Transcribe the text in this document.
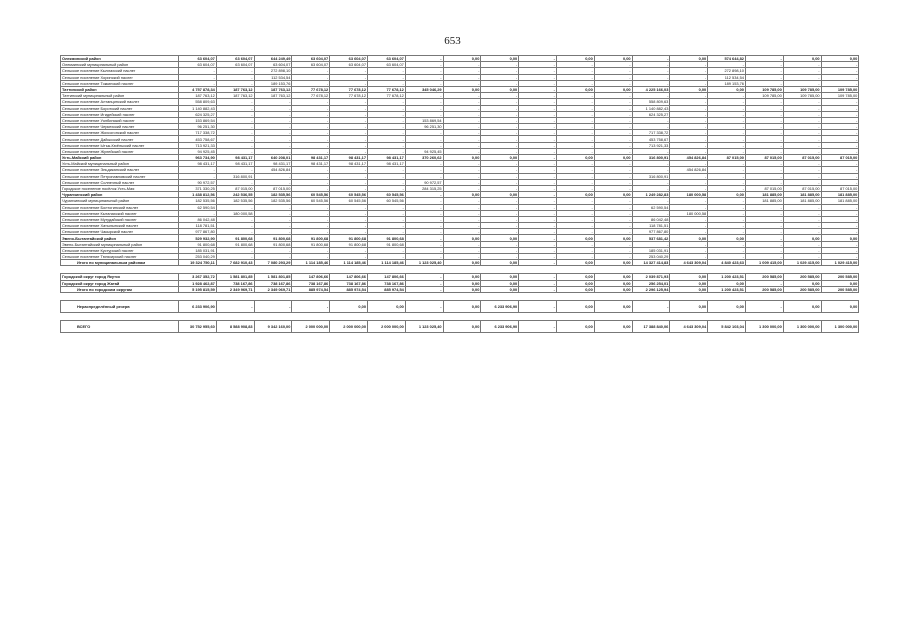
653
Олекминский район	63 604,07	63 604,07	644 249,49	63 604,07	63 604,07	63 604,07	-	0,00	0,00	-	0,00	0,00	-	0,00	574 644,82	-	0,00	0,00
Олекминский муниципальный район	63 604,07	63 604,07	63 604,07	63 604,07	63 604,07	63 604,07	-	-	-	-	-	-	-	-	-	-	-	-
Сельское поселение Кыллахский наслег	-	-	272 898,10	-	-	-	-	-	-	-	-	-	-	-	272 898,10	-	-	-
Сельское поселение Хоринский наслег	-	-	112 534,54	-	-	-	-	-	-	-	-	-	-	-	112 534,54	-	-	-
Сельское поселение Токкинский наслег	-	-	189 153,76	-	-	-	-	-	-	-	-	-	-	-	189 153,76	-	-	-
Таттинский район	4 757 878,34	187 763,12	187 763,12	77 678,12	77 678,12	77 678,12	345 046,29	0,00	0,00	-	0,00	0,00	4 225 166,03	0,00	0,00	109 785,00	109 785,00	109 785,00
Таттинский муниципальный район	187 763,12	187 763,12	187 763,12	77 678,12	77 678,12	77 678,12	-	-	-	-	-	-	-	-	-	109 785,00	109 785,00	109 785,00
Сельское поселение Алтанцинский наслег	558 809,63	-	-	-	-	-	-	-	-	-	-	-	558 809,63	-	-	-	-	-
Сельское поселение Боротский наслег	1 140 882,43	-	-	-	-	-	-	-	-	-	-	-	1 140 882,43	-	-	-	-	-
Сельское поселение Игидейский наслег	624 325,27	-	-	-	-	-	-	-	-	-	-	-	624 325,27	-	-	-	-	-
Сельское поселение Уолбинский наслег	153 869,54	-	-	-	-	-	153 869,54	-	-	-	-	-	-	-	-	-	-	-
Сельское поселение Черкехский наслег	96 251,30	-	-	-	-	-	96 251,30	-	-	-	-	-	-	-	-	-	-	-
Сельское поселение Жохсогонский наслег	717 338,72	-	-	-	-	-	-	-	-	-	-	-	717 338,72	-	-	-	-	-
Сельское поселение Дайысский наслег	453 758,67	-	-	-	-	-	-	-	-	-	-	-	453 758,67	-	-	-	-	-
Сельское поселение Ытык-Кюёльский наслег	713 921,33	-	-	-	-	-	-	-	-	-	-	-	713 921,33	-	-	-	-	-
Сельское поселение Жулейский наслег	94 925,45	-	-	-	-	-	94 925,45	-	-	-	-	-	-	-	-	-	-	-
Усть-Майский район	963 734,90	98 431,17	640 208,01	98 431,17	98 431,17	98 431,17	370 260,62	0,00	0,00	-	0,00	0,00	316 800,91	454 826,84	87 015,00	87 015,00	87 015,00	87 015,00
Усть-Майский муниципальный район	98 431,17	98 431,17	98 431,17	98 431,17	98 431,17	98 431,17	-	-	-	-	-	-	-	-	-	-	-	-
Сельское поселение Эльдиканский наслег	-	-	454 826,84	-	-	-	-	-	-	-	-	-	-	454 826,84	-	-	-	-
Сельское поселение Петропавловский наслег	-	316 800,91	-	-	-	-	-	-	-	-	-	-	316 800,91	-	-	-	-	-
Сельское поселение Солнечный наслег	90 972,57	-	-	-	-	-	90 972,57	-	-	-	-	-	-	-	-	-	-	-
Городское поселение посёлок Усть-Мая	371 330,25	87 015,00	87 015,00	-	-	-	284 315,25	-	-	-	-	-	-	-	-	87 015,00	87 015,00	87 015,00
Чурапчинский район	1 438 812,56	242 536,55	182 535,56	60 545,56	60 545,56	60 545,56	-	0,00	0,00	-	0,00	0,00	1 249 282,83	180 000,58	0,00	181 885,00	181 885,00	181 885,00
Чурапчинский муниципальный район	182 535,56	182 535,56	182 535,56	60 545,56	60 545,56	60 545,56	-	-	-	-	-	-	-	-	-	181 885,00	181 885,00	181 885,00
Сельское поселение Болтогинский наслег	62 590,54	-	-	-	-	-	-	-	-	-	-	-	62 590,54	-	-	-	-	-
Сельское поселение Кытанахский наслег	-	180 000,58	-	-	-	-	-	-	-	-	-	-	-	180 000,58	-	-	-	-
Сельское поселение Мугудайский наслег	86 042,48	-	-	-	-	-	-	-	-	-	-	-	86 042,48	-	-	-	-	-
Сельское поселение Хатылынский наслег	118 781,51	-	-	-	-	-	-	-	-	-	-	-	118 781,51	-	-	-	-	-
Сельское поселение Чакырский наслег	977 867,80	-	-	-	-	-	-	-	-	-	-	-	977 867,80	-	-	-	-	-
Эвено-Бытантайский район	529 932,90	91 800,68	91 800,68	91 800,68	91 800,68	91 800,68	-	0,00	0,00	-	0,00	0,00	537 681,42	0,00	0,00	-	0,00	0,00
Эвено-Бытантайский муниципальный район	91 800,68	91 800,68	91 800,68	91 800,68	91 800,68	91 800,68	-	-	-	-	-	-	-	-	-	-	-	-
Сельское поселение Кустурский наслег	185 031,91	-	-	-	-	-	-	-	-	-	-	-	185 031,91	-	-	-	-	-
Сельское поселение Тюгясирский наслег	253 040,29	-	-	-	-	-	-	-	-	-	-	-	253 040,29	-	-	-	-	-
Итого по муниципальным районам	19 324 750,11	7 682 910,43	7 080 293,29	1 114 185,46	1 114 185,46	1 114 185,46	1 123 025,40	0,00	0,00	-	0,00	0,00	14 327 414,83	4 643 309,04	4 840 423,63	1 009 415,00	1 029 415,00	1 029 415,00

Городской округ город Якутск	3 267 352,72	1 581 801,85	1 581 801,85	147 806,66	147 806,66	147 806,66	-	0,00	0,00	-	0,00	0,00	2 039 871,93	0,00	1 200 423,51	200 585,00	200 585,00	200 585,00
Городской округ город Жатай	1 928 462,87	738 167,86	738 167,86	738 167,86	738 167,86	738 167,86	-	0,00	0,00	-	0,00	0,00	256 254,01	0,00	0,00	-	0,00	0,00
Итого по городским округам	5 195 815,59	2 349 969,71	2 349 069,71	885 974,54	885 974,54	885 974,54	-	0,00	0,00	-	0,00	0,00	2 296 125,94	0,00	1 200 423,51	200 585,00	200 585,00	200 585,00

Нераспределённый резерв	6 233 906,90	-	-	-	0,00	0,00	-	0,00	6 233 906,90	-	0,00	0,00	-	0,00	0,00	-	0,00	0,00

ВСЕГО	30 752 955,60	8 588 908,83	9 342 160,00	2 000 000,00	2 000 000,00	2 000 000,00	1 123 025,40	0,00	6 233 906,90	-	0,00	0,00	17 388 840,06	4 643 309,04	5 842 103,04	1 300 000,00	1 300 000,00	1 300 000,00
